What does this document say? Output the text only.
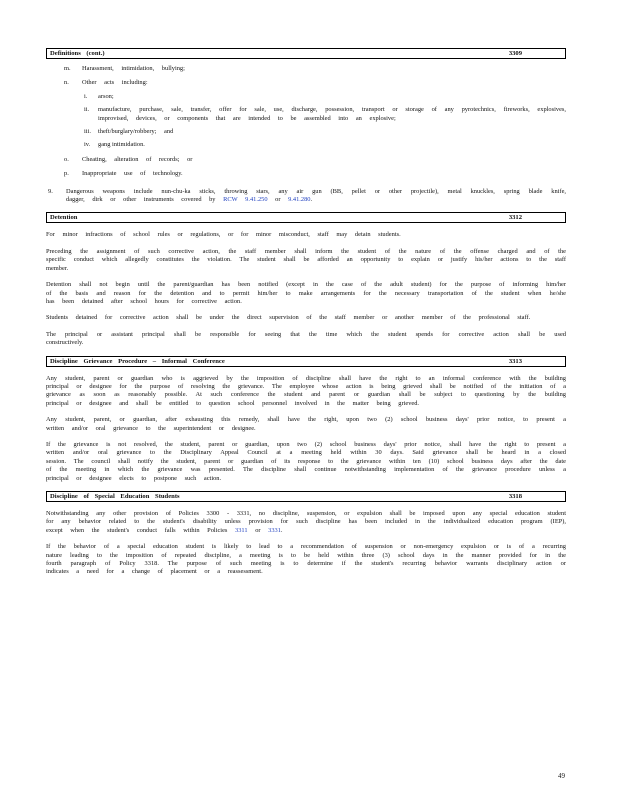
Definitions (cont.)	3309
m. Harassment, intimidation, bullying;
n. Other acts including:
i. arson;
ii. manufacture, purchase, sale, transfer, offer for sale, use, discharge, possession, transport or storage of any pyrotechnics, fireworks, explosives, improvised, devices, or components that are intended to be assembled into an explosive;
iii. theft/burglary/robbery; and
iv. gang intimidation.
o. Cheating, alteration of records; or
p. Inappropriate use of technology.
9. Dangerous weapons include nun-chu-ka sticks, throwing stars, any air gun (BB, pellet or other projectile), metal knuckles, spring blade knife, dagger, dirk or other instruments covered by RCW 9.41.250 or 9.41.280.
Detention	3312
For minor infractions of school rules or regulations, or for minor misconduct, staff may detain students.
Preceding the assignment of such corrective action, the staff member shall inform the student of the nature of the offense charged and of the specific conduct which allegedly constitutes the violation. The student shall be afforded an opportunity to explain or justify his/her actions to the staff member.
Detention shall not begin until the parent/guardian has been notified (except in the case of the adult student) for the purpose of informing him/her of the basis and reason for the detention and to permit him/her to make arrangements for the necessary transportation of the student when he/she has been detained after school hours for corrective action.
Students detained for corrective action shall be under the direct supervision of the staff member or another member of the professional staff.
The principal or assistant principal shall be responsible for seeing that the time which the student spends for corrective action shall be used constructively.
Discipline Grievance Procedure – Informal Conference	3313
Any student, parent or guardian who is aggrieved by the imposition of discipline shall have the right to an informal conference with the building principal or designee for the purpose of resolving the grievance. The employee whose action is being grieved shall be notified of the initiation of a grievance as soon as reasonably possible. At such conference the student and parent or guardian shall be subject to questioning by the building principal or designee and shall be entitled to question school personnel involved in the matter being grieved.
Any student, parent, or guardian, after exhausting this remedy, shall have the right, upon two (2) school business days' prior notice, to present a written and/or oral grievance to the superintendent or designee.
If the grievance is not resolved, the student, parent or guardian, upon two (2) school business days' prior notice, shall have the right to present a written and/or oral grievance to the Disciplinary Appeal Council at a meeting held within 30 days. Said grievance shall be heard in a closed session. The council shall notify the student, parent or guardian of its response to the grievance within ten (10) school business days after the date of the meeting in which the grievance was presented. The discipline shall continue notwithstanding implementation of the grievance procedure unless a principal or designee elects to postpone such action.
Discipline of Special Education Students	3318
Notwithstanding any other provision of Policies 3300 - 3331, no discipline, suspension, or expulsion shall be imposed upon any special education student for any behavior related to the student's disability unless provision for such discipline has been included in the individualized education program (IEP), except when the student's conduct falls within Policies 3311 or 3331.
If the behavior of a special education student is likely to lead to a recommendation of suspension or non-emergency expulsion or is of a recurring nature leading to the imposition of repeated discipline, a meeting is to be held within three (3) school days in the manner provided for in the fourth paragraph of Policy 3318. The purpose of such meeting is to determine if the student's recurring behavior warrants disciplinary action or indicates a need for a change of placement or a reassessment.
49
